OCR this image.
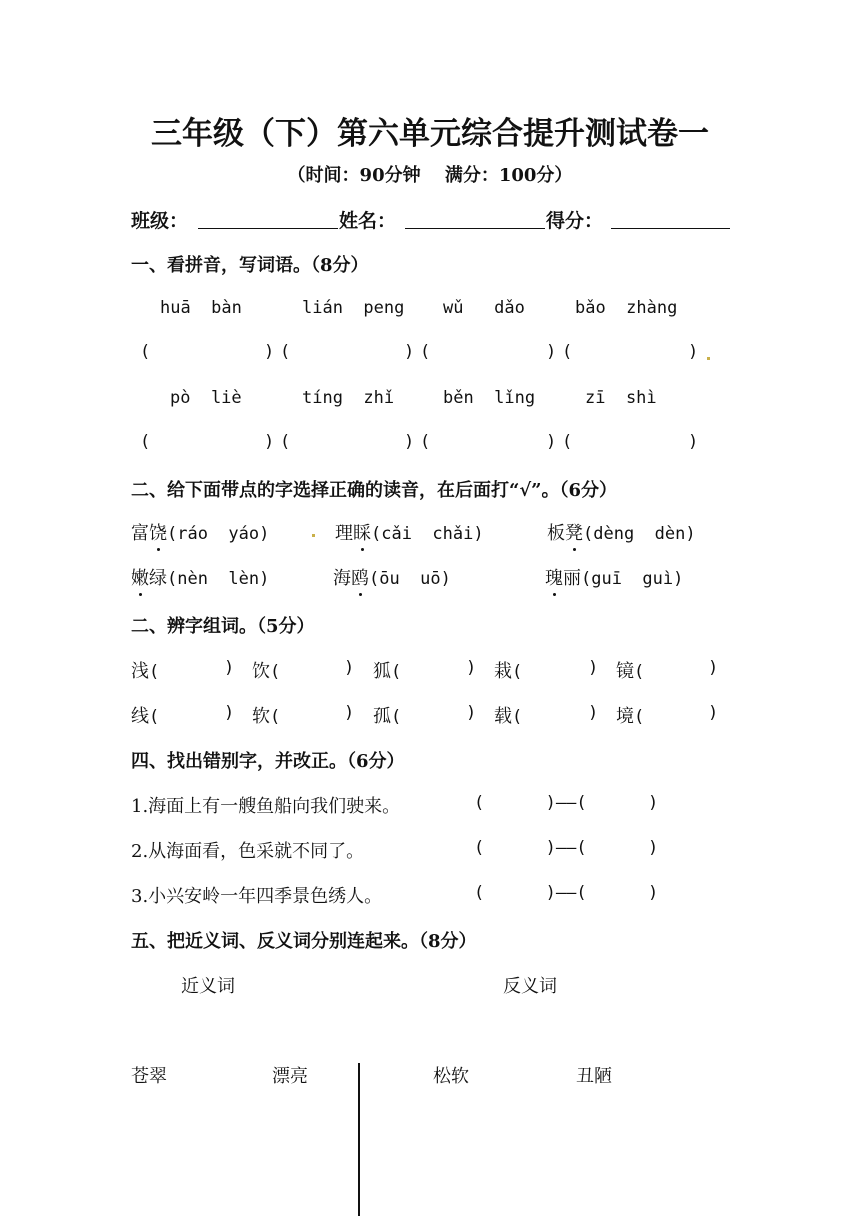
三年级（下）第六单元综合提升测试卷一
（时间：90分钟　 满分：100分）
班级：	姓名：	得分：
一、看拼音，写词语。（8分）
huā  bàn	lián  peng wǔ   dǎo	bǎo  zhàng
(	) (	) (	) (	)
pò  liè	tíng  zhǐ	běn  lǐng	zī  shì
(	) (	) (	) (	)
二、给下面带点的字选择正确的读音，在后面打“√”。（6分）
富饶(ráo  yáo)	理睬(cǎi  chǎi)	板凳(dèng  dèn)
嫩绿(nèn  lèn)	海鸥(ōu  uō)	瑰丽(guī  guì)
二、辨字组词。（5分）
浅(	) 饮(	) 狐(	) 栽(	) 镜(	)
线(	) 软(	) 孤(	) 载(	) 境(	)
四、找出错别字，并改正。（6分）
1.海面上有一艘鱼船向我们驶来。	(      )——(      )
2.从海面看，色采就不同了。	(      )——(      )
3.小兴安岭一年四季景色绣人。	(      )——(      )
五、把近义词、反义词分别连起来。（8分）
近义词	反义词
苍翠	漂亮	松软	丑陋
